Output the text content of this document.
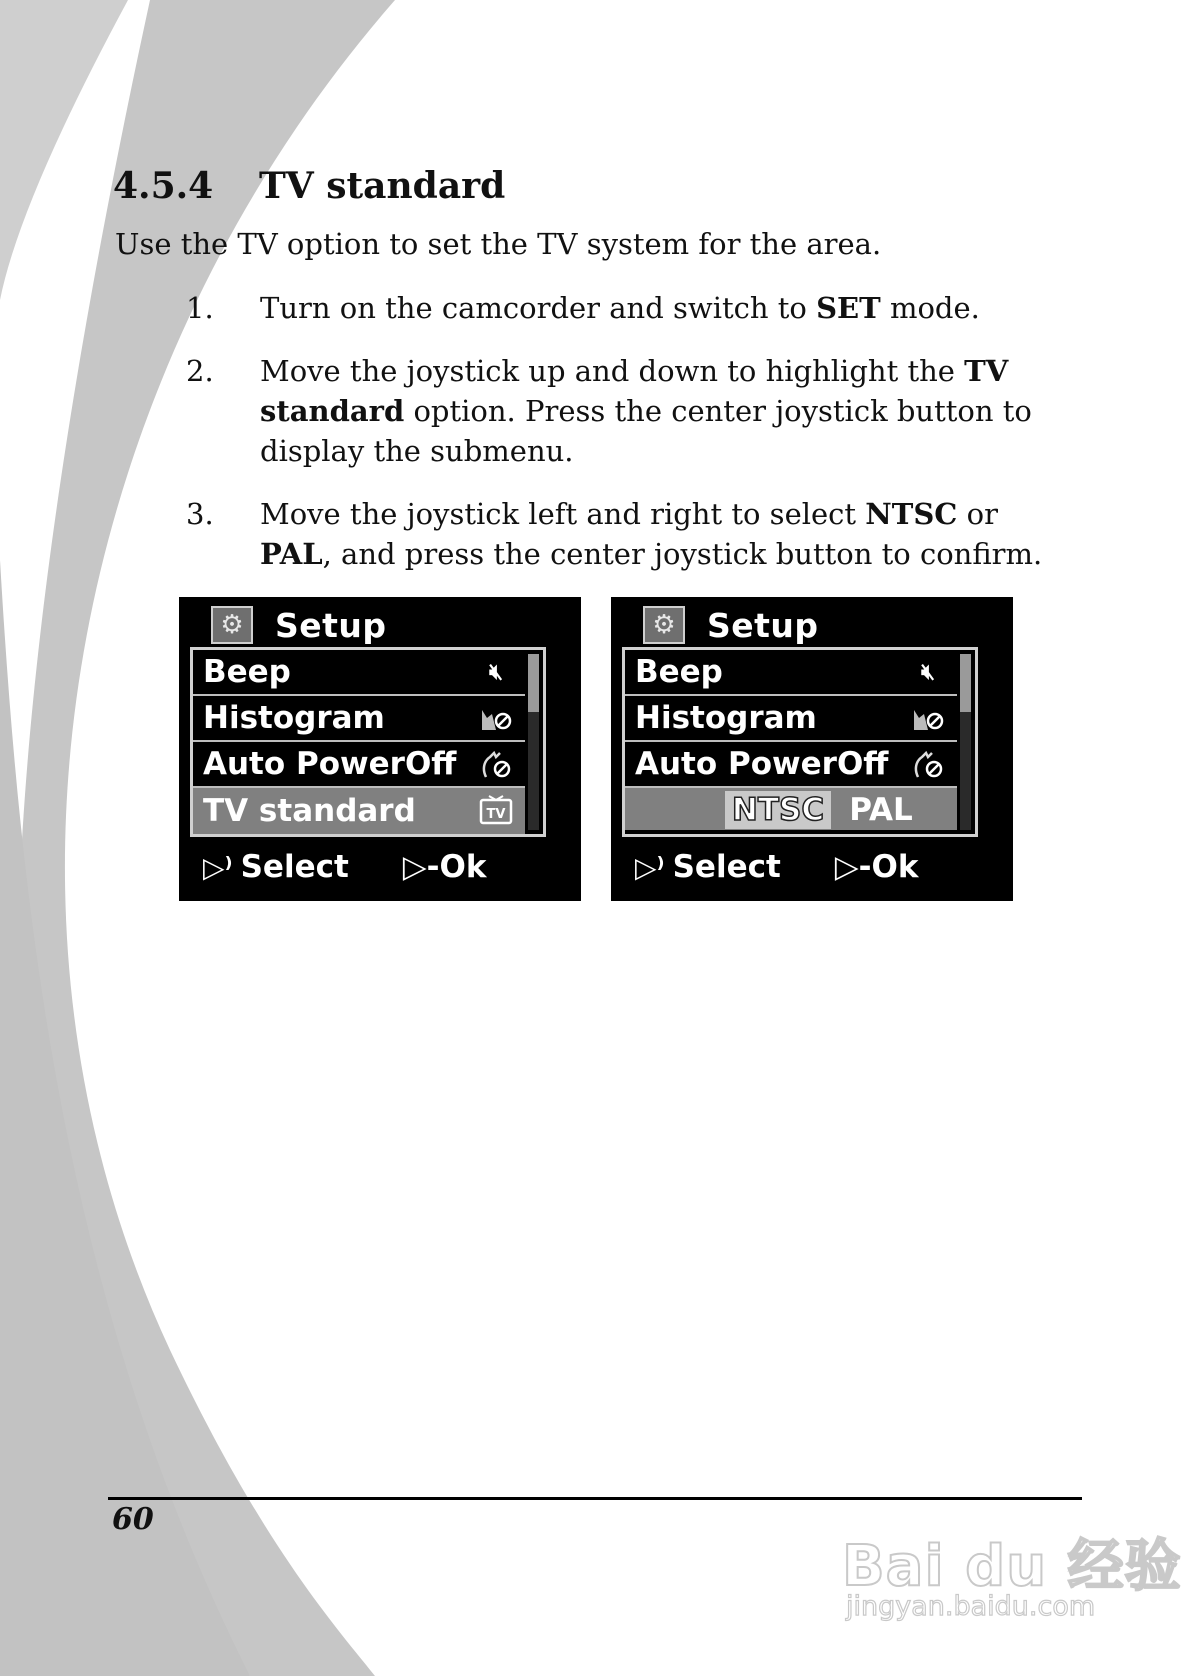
4.5.4 TV standard

Use the TV option to set the TV system for the area.

1. Turn on the camcorder and switch to SET mode.
2. Move the joystick up and down to highlight the TV standard option. Press the center joystick button to display the submenu.
3. Move the joystick left and right to select NTSC or PAL, and press the center joystick button to confirm.
⚙ Setup
Beep	🔇︎
Histogram
Auto PowerOff
TV standard	TV
▷⁾ Select ▷-Ok
⚙ Setup
Beep	🔇︎
Histogram
Auto PowerOff
NTSC PAL
▷⁾ Select ▷-Ok

60

Bai du 经验
jingyan.baidu.com
